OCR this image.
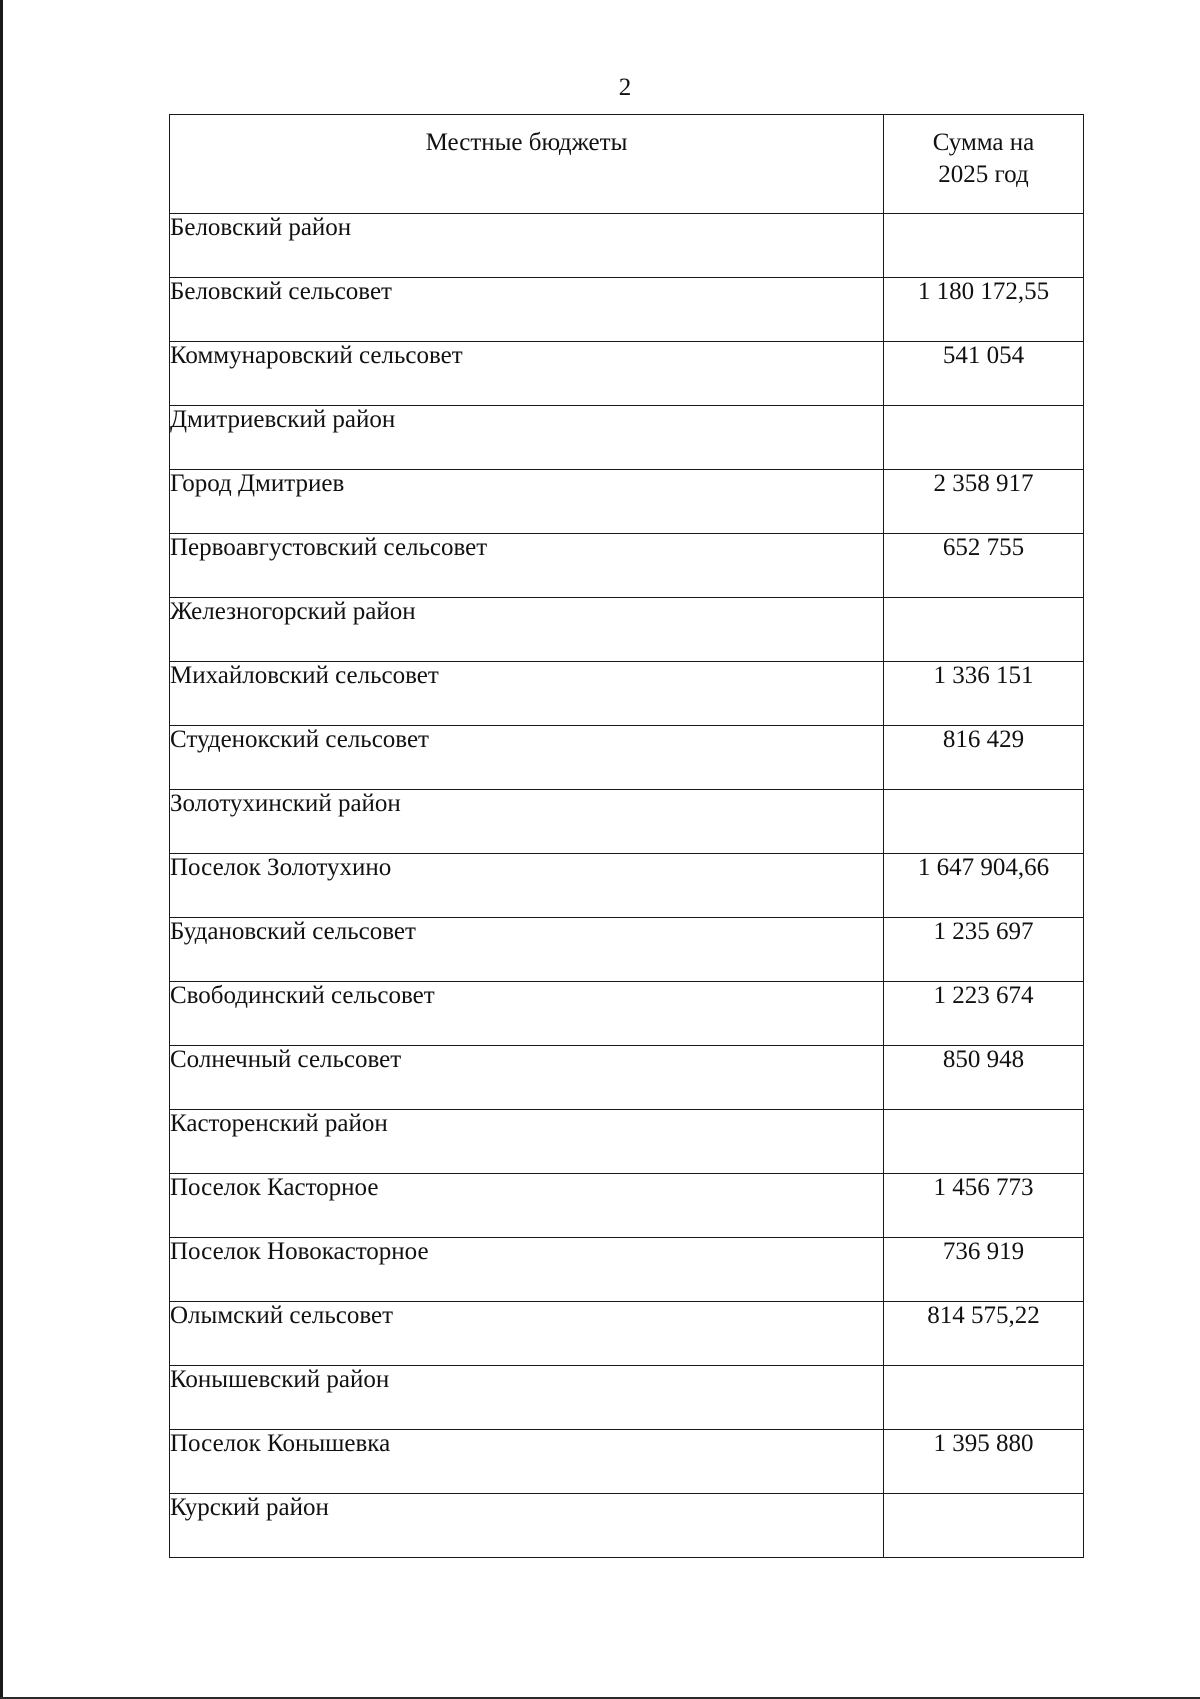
2
Местные бюджеты	Сумма на 2025 год
Беловский район	
Беловский сельсовет	1 180 172,55
Коммунаровский сельсовет	541 054
Дмитриевский район	
Город Дмитриев	2 358 917
Первоавгустовский сельсовет	652 755
Железногорский район	
Михайловский сельсовет	1 336 151
Студенокский сельсовет	816 429
Золотухинский район	
Поселок Золотухино	1 647 904,66
Будановский сельсовет	1 235 697
Свободинский сельсовет	1 223 674
Солнечный сельсовет	850 948
Касторенский район	
Поселок Касторное	1 456 773
Поселок Новокасторное	736 919
Олымский сельсовет	814 575,22
Конышевский район	
Поселок Конышевка	1 395 880
Курский район	
